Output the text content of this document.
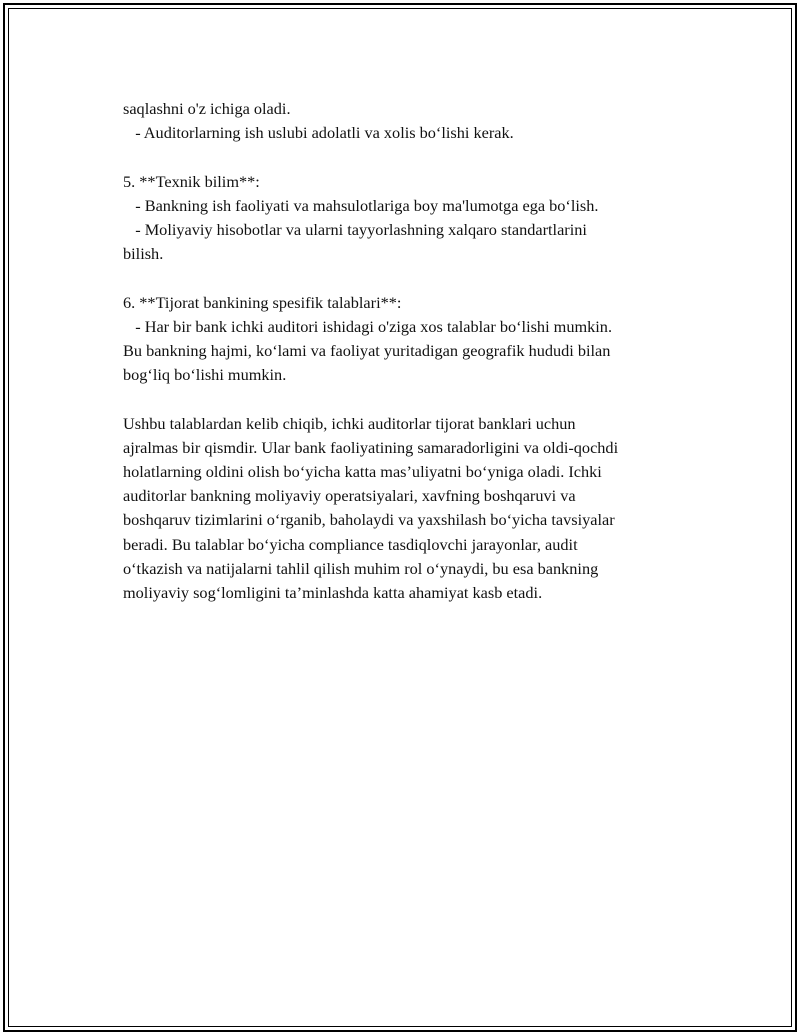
saqlashni o'z ichiga oladi.
- Auditorlarning ish uslubi adolatli va xolis bo‘lishi kerak.
5. **Texnik bilim**:
- Bankning ish faoliyati va mahsulotlariga boy ma'lumotga ega bo‘lish.
- Moliyaviy hisobotlar va ularni tayyorlashning xalqaro standartlarini
bilish.
6. **Tijorat bankining spesifik talablari**:
- Har bir bank ichki auditori ishidagi o'ziga xos talablar bo‘lishi mumkin.
Bu bankning hajmi, ko‘lami va faoliyat yuritadigan geografik hududi bilan
bog‘liq bo‘lishi mumkin.
Ushbu talablardan kelib chiqib, ichki auditorlar tijorat banklari uchun
ajralmas bir qismdir. Ular bank faoliyatining samaradorligini va oldi-qochdi
holatlarning oldini olish bo‘yicha katta mas’uliyatni bo‘yniga oladi. Ichki
auditorlar bankning moliyaviy operatsiyalari, xavfning boshqaruvi va
boshqaruv tizimlarini o‘rganib, baholaydi va yaxshilash bo‘yicha tavsiyalar
beradi. Bu talablar bo‘yicha compliance tasdiqlovchi jarayonlar, audit
o‘tkazish va natijalarni tahlil qilish muhim rol o‘ynaydi, bu esa bankning
moliyaviy sog‘lomligini ta’minlashda katta ahamiyat kasb etadi.
